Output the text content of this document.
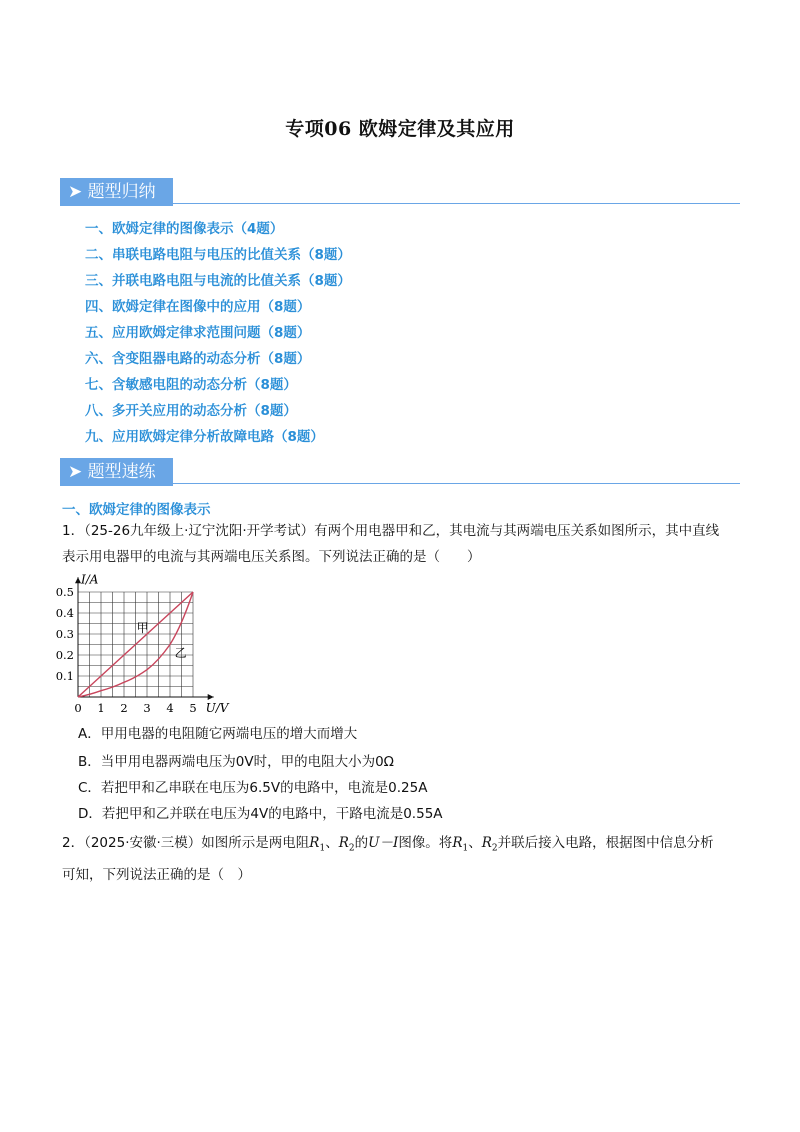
专项06 欧姆定律及其应用
➤ 题型归纳
一、欧姆定律的图像表示（4题）
二、串联电路电阻与电压的比值关系（8题）
三、并联电路电阻与电流的比值关系（8题）
四、欧姆定律在图像中的应用（8题）
五、应用欧姆定律求范围问题（8题）
六、含变阻器电路的动态分析（8题）
七、含敏感电阻的动态分析（8题）
八、多开关应用的动态分析（8题）
九、应用欧姆定律分析故障电路（8题）
➤ 题型速练
一、欧姆定律的图像表示
1．（25-26九年级上·辽宁沈阳·开学考试）有两个用电器甲和乙，其电流与其两端电压关系如图所示，其中直线
表示用电器甲的电流与其两端电压关系图。下列说法正确的是（　　）
0 1 2 3 4 5
0.1
0.2
0.3
0.4
0.5
U/V
I/A
甲
乙
A．甲用电器的电阻随它两端电压的增大而增大
B．当甲用电器两端电压为0V时，甲的电阻大小为0Ω
C．若把甲和乙串联在电压为6.5V的电路中，电流是0.25A
D．若把甲和乙并联在电压为4V的电路中，干路电流是0.55A
2．（2025·安徽·三模）如图所示是两电阻$R_1$、$R_2$的U－I图像。将$R_1$、$R_2$并联后接入电路，根据图中信息分析
可知，下列说法正确的是（　）
